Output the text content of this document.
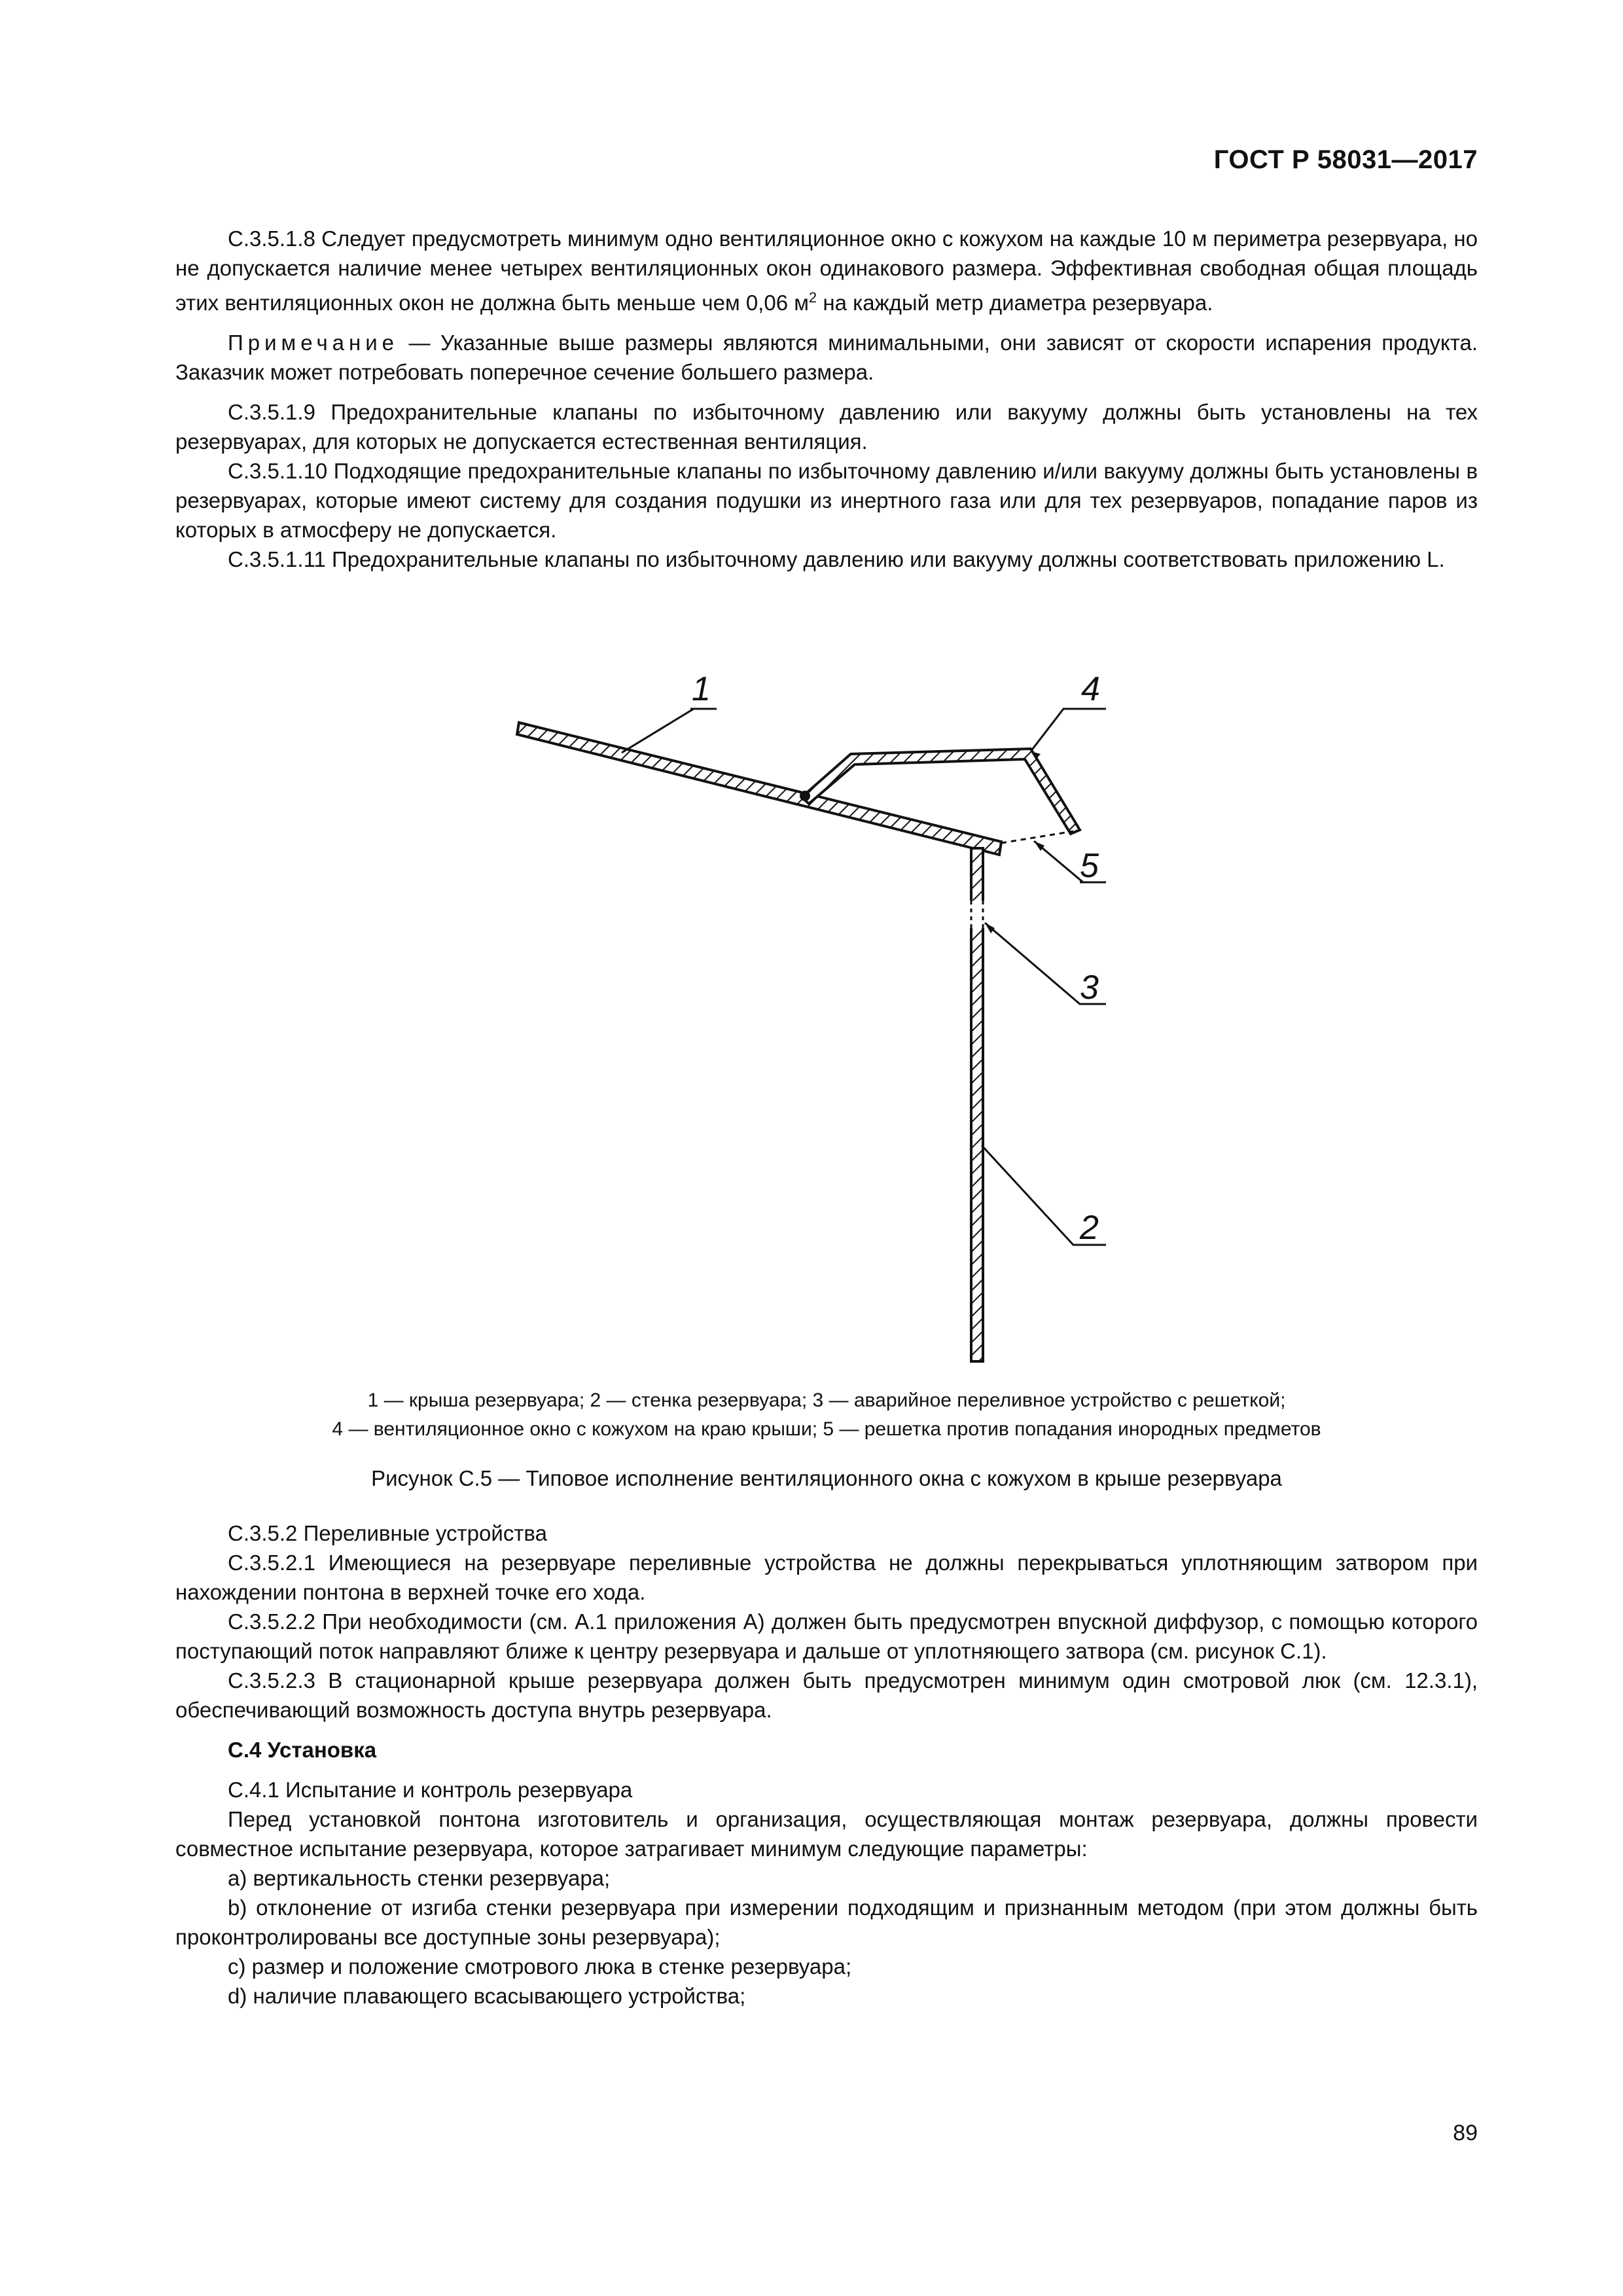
ГОСТ Р 58031—2017

C.3.5.1.8 Следует предусмотреть минимум одно вентиляционное окно с кожухом на каждые 10 м периметра резервуара, но не допускается наличие менее четырех вентиляционных окон одинакового размера. Эффективная свободная общая площадь этих вентиляционных окон не должна быть меньше чем 0,06 $м^2$ на каждый метр диаметра резервуара.

Примечание — Указанные выше размеры являются минимальными, они зависят от скорости испарения продукта. Заказчик может потребовать поперечное сечение большего размера.

C.3.5.1.9 Предохранительные клапаны по избыточному давлению или вакууму должны быть установлены на тех резервуарах, для которых не допускается естественная вентиляция.

C.3.5.1.10 Подходящие предохранительные клапаны по избыточному давлению и/или вакууму должны быть установлены в резервуарах, которые имеют систему для создания подушки из инертного газа или для тех резервуаров, попадание паров из которых в атмосферу не допускается.

C.3.5.1.11 Предохранительные клапаны по избыточному давлению или вакууму должны соответствовать приложению L.

1	4
5
3
2
1 — крыша резервуара; 2 — стенка резервуара; 3 — аварийное переливное устройство с решеткой;
4 — вентиляционное окно с кожухом на краю крыши; 5 — решетка против попадания инородных предметов
Рисунок C.5 — Типовое исполнение вентиляционного окна с кожухом в крыше резервуара

C.3.5.2 Переливные устройства

C.3.5.2.1 Имеющиеся на резервуаре переливные устройства не должны перекрываться уплотняющим затвором при нахождении понтона в верхней точке его хода.

C.3.5.2.2 При необходимости (см. А.1 приложения А) должен быть предусмотрен впускной диффузор, с помощью которого поступающий поток направляют ближе к центру резервуара и дальше от уплотняющего затвора (см. рисунок C.1).

C.3.5.2.3 В стационарной крыше резервуара должен быть предусмотрен минимум один смотровой люк (см. 12.3.1), обеспечивающий возможность доступа внутрь резервуара.

C.4 Установка

C.4.1 Испытание и контроль резервуара

Перед установкой понтона изготовитель и организация, осуществляющая монтаж резервуара, должны провести совместное испытание резервуара, которое затрагивает минимум следующие параметры:

a) вертикальность стенки резервуара;

b) отклонение от изгиба стенки резервуара при измерении подходящим и признанным методом (при этом должны быть проконтролированы все доступные зоны резервуара);

c) размер и положение смотрового люка в стенке резервуара;

d) наличие плавающего всасывающего устройства;

89
